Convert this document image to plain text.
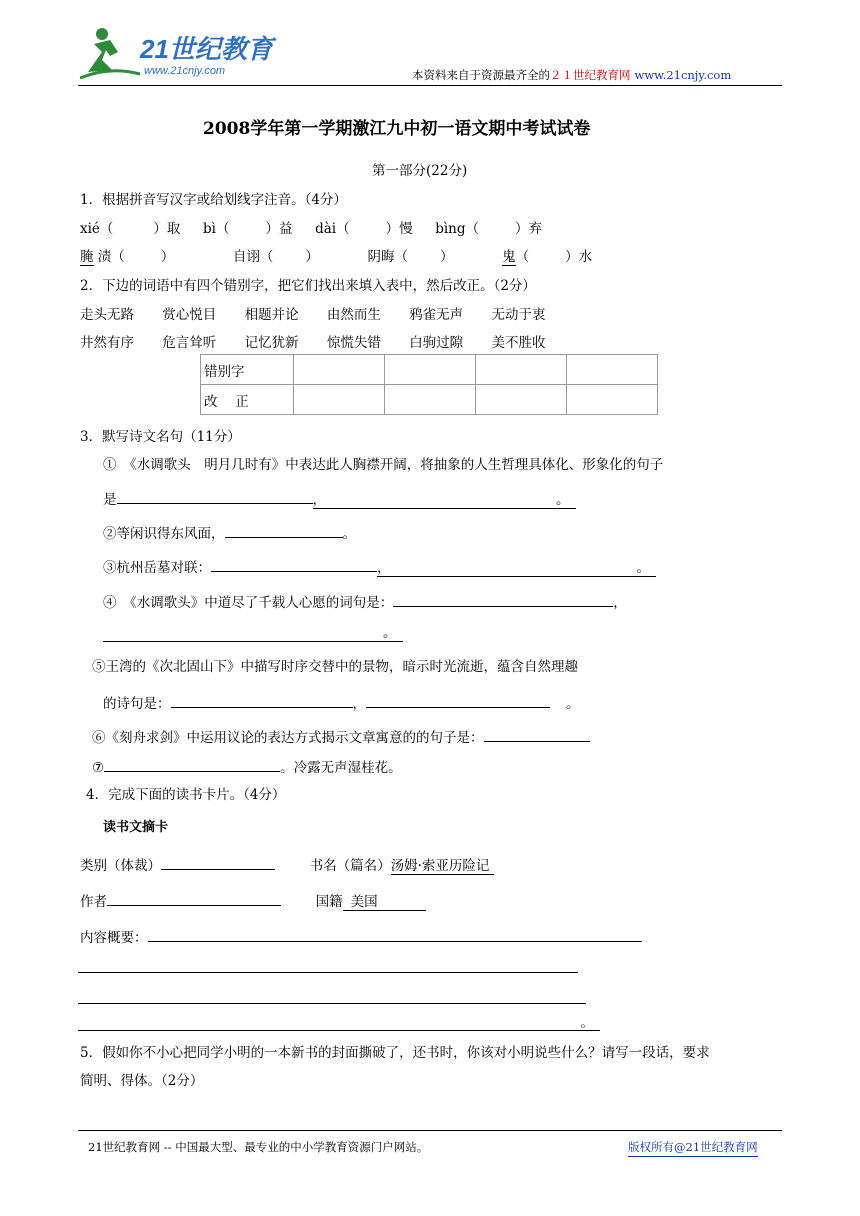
21世纪教育
www.21cnjy.com	本资料来自于资源最齐全的２１世纪教育网 www.21cnjy.com
2008学年第一学期激江九中初一语文期中考试试卷
第一部分(22分)
1．根据拼音写汉字或给划线字注音。（4分）
xié（	）取 bì（	）益 dài（	）慢 bìng（	）弃
腌 渍（	）	自诩（ ）	阴晦（ ）	鬼（	）水
2．下边的词语中有四个错别字，把它们找出来填入表中，然后改正。（2分）
走头无路 赏心悦目 相题并论 由然而生 鸦雀无声 无动于衷
井然有序 危言耸听 记忆犹新 惊慌失错 白驹过隙 美不胜收
错别字				
改　 正				
3．默写诗文名句（11分）
①　《水调歌头　明月几时有》中表达此人胸襟开阔，将抽象的人生哲理具体化、形象化的句子
是	，	。
②等闲识得东风面，	。
③杭州岳墓对联：	，	。
④　《水调歌头》中道尽了千载人心愿的词句是：	，
。
⑤王湾的《次北固山下》中描写时序交替中的景物，暗示时光流逝，蕴含自然理趣
的诗句是：	，	。
⑥《刻舟求剑》中运用议论的表达方式揭示文章寓意的的句子是：
⑦	。冷露无声湿桂花。
4．完成下面的读书卡片。（4分）
读书文摘卡
类别（体裁）	书名（篇名）汤姆·索亚历险记
作者	国籍 美国
内容概要：
。
5．假如你不小心把同学小明的一本新书的封面撕破了，还书时，你该对小明说些什么？请写一段话，要求
简明、得体。（2分）
21世纪教育网 -- 中国最大型、最专业的中小学教育资源门户网站。	版权所有@21世纪教育网
